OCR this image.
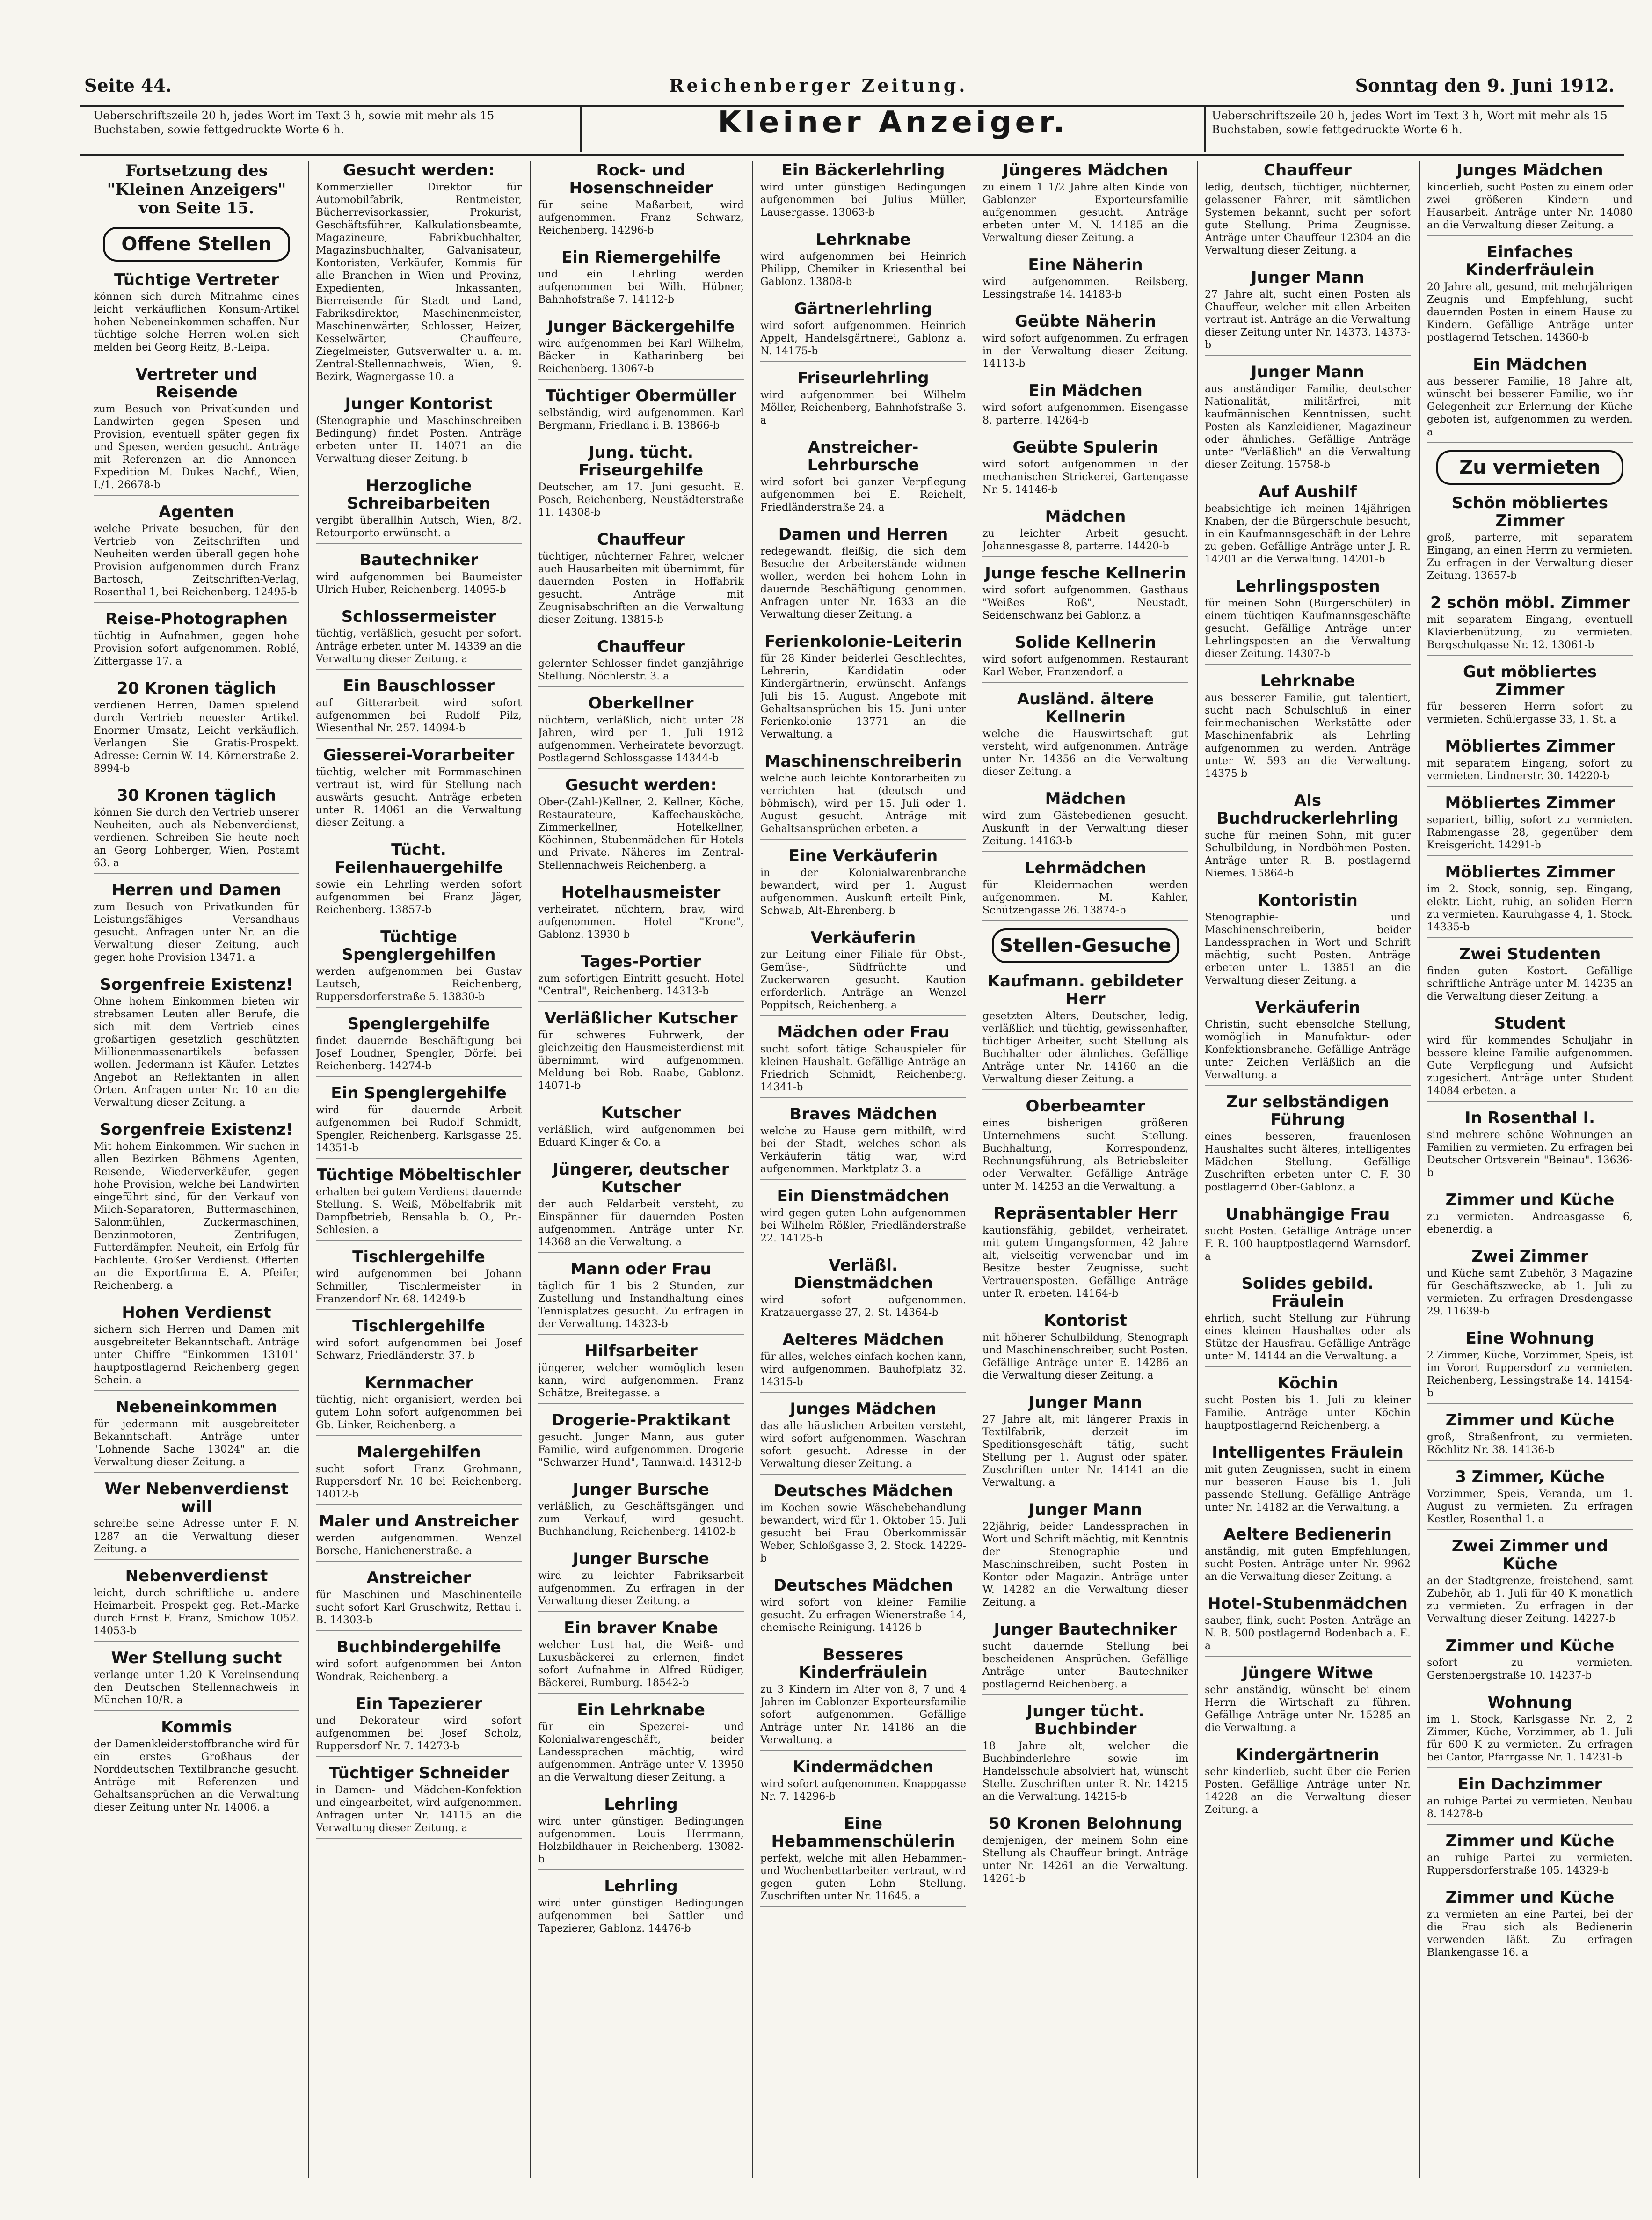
Seite 44.	Reichenberger Zeitung.	Sonntag den 9. Juni 1912.
Ueberschriftszeile 20 h, jedes Wort im Text 3 h, sowie mit mehr als 15 Buchstaben, sowie fettgedruckte Worte 6 h.	Kleiner Anzeiger.	Ueberschriftszeile 20 h, jedes Wort im Text 3 h, Wort mit mehr als 15 Buchstaben, sowie fettgedruckte Worte 6 h.
Fortsetzung des "Kleinen Anzeigers" von Seite 15.
Offene Stellen
Tüchtige Vertreter

können sich durch Mitnahme eines leicht verkäuflichen Konsum-Artikel hohen Nebeneinkommen schaffen. Nur tüchtige solche Herren wollen sich melden bei Georg Reitz, B.-Leipa.

Vertreter und Reisende

zum Besuch von Privatkunden und Landwirten gegen Spesen und Provision, eventuell später gegen fix und Spesen, werden gesucht. Anträge mit Referenzen an die Annoncen-Expedition M. Dukes Nachf., Wien, I./1. 26678-b

Agenten

welche Private besuchen, für den Vertrieb von Zeitschriften und Neuheiten werden überall gegen hohe Provision aufgenommen durch Franz Bartosch, Zeitschriften-Verlag, Rosenthal 1, bei Reichenberg. 12495-b

Reise-Photographen

tüchtig in Aufnahmen, gegen hohe Provision sofort aufgenommen. Roblé, Zittergasse 17. a

20 Kronen täglich

verdienen Herren, Damen spielend durch Vertrieb neuester Artikel. Enormer Umsatz, Leicht verkäuflich. Verlangen Sie Gratis-Prospekt. Adresse: Cernin W. 14, Körnerstraße 2. 8994-b

30 Kronen täglich

können Sie durch den Vertrieb unserer Neuheiten, auch als Nebenverdienst, verdienen. Schreiben Sie heute noch an Georg Lohberger, Wien, Postamt 63. a

Herren und Damen

zum Besuch von Privatkunden für Leistungsfähiges Versandhaus gesucht. Anfragen unter Nr. an die Verwaltung dieser Zeitung, auch gegen hohe Provision 13471. a

Sorgenfreie Existenz!

Ohne hohem Einkommen bieten wir strebsamen Leuten aller Berufe, die sich mit dem Vertrieb eines großartigen gesetzlich geschützten Millionenmassenartikels befassen wollen. Jedermann ist Käufer. Letztes Angebot an Reflektanten in allen Orten. Anfragen unter Nr. 10 an die Verwaltung dieser Zeitung. a

Sorgenfreie Existenz!

Mit hohem Einkommen. Wir suchen in allen Bezirken Böhmens Agenten, Reisende, Wiederverkäufer, gegen hohe Provision, welche bei Landwirten eingeführt sind, für den Verkauf von Milch-Separatoren, Buttermaschinen, Salonmühlen, Zuckermaschinen, Benzinmotoren, Zentrifugen, Futterdämpfer. Neuheit, ein Erfolg für Fachleute. Großer Verdienst. Offerten an die Exportfirma E. A. Pfeifer, Reichenberg. a

Hohen Verdienst

sichern sich Herren und Damen mit ausgebreiteter Bekanntschaft. Anträge unter Chiffre "Einkommen 13101" hauptpostlagernd Reichenberg gegen Schein. a

Nebeneinkommen

für jedermann mit ausgebreiteter Bekanntschaft. Anträge unter "Lohnende Sache 13024" an die Verwaltung dieser Zeitung. a

Wer Nebenverdienst will

schreibe seine Adresse unter F. N. 1287 an die Verwaltung dieser Zeitung. a

Nebenverdienst

leicht, durch schriftliche u. andere Heimarbeit. Prospekt geg. Ret.-Marke durch Ernst F. Franz, Smichow 1052. 14053-b

Wer Stellung sucht

verlange unter 1.20 K Voreinsendung den Deutschen Stellennachweis in München 10/R. a

Kommis

der Damenkleiderstoffbranche wird für ein erstes Großhaus der Norddeutschen Textilbranche gesucht. Anträge mit Referenzen und Gehaltsansprüchen an die Verwaltung dieser Zeitung unter Nr. 14006. a

Gesucht werden:

Kommerzieller Direktor für Automobilfabrik, Rentmeister, Bücherrevisorkassier, Prokurist, Geschäftsführer, Kalkulationsbeamte, Magazineure, Fabrikbuchhalter, Magazinsbuchhalter, Galvanisateur, Kontoristen, Verkäufer, Kommis für alle Branchen in Wien und Provinz, Expedienten, Inkassanten, Bierreisende für Stadt und Land, Fabriksdirektor, Maschinenmeister, Maschinenwärter, Schlosser, Heizer, Kesselwärter, Chauffeure, Ziegelmeister, Gutsverwalter u. a. m. Zentral-Stellennachweis, Wien, 9. Bezirk, Wagnergasse 10. a

Junger Kontorist

(Stenographie und Maschinschreiben Bedingung) findet Posten. Anträge erbeten unter H. 14071 an die Verwaltung dieser Zeitung. b

Herzogliche Schreibarbeiten

vergibt überallhin Autsch, Wien, 8/2. Retourporto erwünscht. a

Bautechniker

wird aufgenommen bei Baumeister Ulrich Huber, Reichenberg. 14095-b

Schlossermeister

tüchtig, verläßlich, gesucht per sofort. Anträge erbeten unter M. 14339 an die Verwaltung dieser Zeitung. a

Ein Bauschlosser

auf Gitterarbeit wird sofort aufgenommen bei Rudolf Pilz, Wiesenthal Nr. 257. 14094-b

Giesserei-Vorarbeiter

tüchtig, welcher mit Formmaschinen vertraut ist, wird für Stellung nach auswärts gesucht. Anträge erbeten unter R. 14061 an die Verwaltung dieser Zeitung. a

Tücht. Feilenhauergehilfe

sowie ein Lehrling werden sofort aufgenommen bei Franz Jäger, Reichenberg. 13857-b

Tüchtige Spenglergehilfen

werden aufgenommen bei Gustav Lautsch, Reichenberg, Ruppersdorferstraße 5. 13830-b

Spenglergehilfe

findet dauernde Beschäftigung bei Josef Loudner, Spengler, Dörfel bei Reichenberg. 14274-b

Ein Spenglergehilfe

wird für dauernde Arbeit aufgenommen bei Rudolf Schmidt, Spengler, Reichenberg, Karlsgasse 25. 14351-b

Tüchtige Möbeltischler

erhalten bei gutem Verdienst dauernde Stellung. S. Weiß, Möbelfabrik mit Dampfbetrieb, Rensahla b. O., Pr.-Schlesien. a

Tischlergehilfe

wird aufgenommen bei Johann Schmiller, Tischlermeister in Franzendorf Nr. 68. 14249-b

Tischlergehilfe

wird sofort aufgenommen bei Josef Schwarz, Friedländerstr. 37. b

Kernmacher

tüchtig, nicht organisiert, werden bei gutem Lohn sofort aufgenommen bei Gb. Linker, Reichenberg. a

Malergehilfen

sucht sofort Franz Grohmann, Ruppersdorf Nr. 10 bei Reichenberg. 14012-b

Maler und Anstreicher

werden aufgenommen. Wenzel Borsche, Hanichenerstraße. a

Anstreicher

für Maschinen und Maschinenteile sucht sofort Karl Gruschwitz, Rettau i. B. 14303-b

Buchbindergehilfe

wird sofort aufgenommen bei Anton Wondrak, Reichenberg. a

Ein Tapezierer

und Dekorateur wird sofort aufgenommen bei Josef Scholz, Ruppersdorf Nr. 7. 14273-b

Tüchtiger Schneider

in Damen- und Mädchen-Konfektion und eingearbeitet, wird aufgenommen. Anfragen unter Nr. 14115 an die Verwaltung dieser Zeitung. a

Rock- und Hosenschneider

für seine Maßarbeit, wird aufgenommen. Franz Schwarz, Reichenberg. 14296-b

Ein Riemergehilfe

und ein Lehrling werden aufgenommen bei Wilh. Hübner, Bahnhofstraße 7. 14112-b

Junger Bäckergehilfe

wird aufgenommen bei Karl Wilhelm, Bäcker in Katharinberg bei Reichenberg. 13067-b

Tüchtiger Obermüller

selbständig, wird aufgenommen. Karl Bergmann, Friedland i. B. 13866-b

Jung. tücht. Friseurgehilfe

Deutscher, am 17. Juni gesucht. E. Posch, Reichenberg, Neustädterstraße 11. 14308-b

Chauffeur

tüchtiger, nüchterner Fahrer, welcher auch Hausarbeiten mit übernimmt, für dauernden Posten in Hoffabrik gesucht. Anträge mit Zeugnisabschriften an die Verwaltung dieser Zeitung. 13815-b

Chauffeur

gelernter Schlosser findet ganzjährige Stellung. Nöchlerstr. 3. a

Oberkellner

nüchtern, verläßlich, nicht unter 28 Jahren, wird per 1. Juli 1912 aufgenommen. Verheiratete bevorzugt. Postlagernd Schlossgasse 14344-b

Gesucht werden:

Ober-(Zahl-)Kellner, 2. Kellner, Köche, Restaurateure, Kaffeehausköche, Zimmerkellner, Hotelkellner, Köchinnen, Stubenmädchen für Hotels und Private. Näheres im Zentral-Stellennachweis Reichenberg. a

Hotelhausmeister

verheiratet, nüchtern, brav, wird aufgenommen. Hotel "Krone", Gablonz. 13930-b

Tages-Portier

zum sofortigen Eintritt gesucht. Hotel "Central", Reichenberg. 14313-b

Verläßlicher Kutscher

für schweres Fuhrwerk, der gleichzeitig den Hausmeisterdienst mit übernimmt, wird aufgenommen. Meldung bei Rob. Raabe, Gablonz. 14071-b

Kutscher

verläßlich, wird aufgenommen bei Eduard Klinger & Co. a

Jüngerer, deutscher Kutscher

der auch Feldarbeit versteht, zu Einspänner für dauernden Posten aufgenommen. Anträge unter Nr. 14368 an die Verwaltung. a

Mann oder Frau

täglich für 1 bis 2 Stunden, zur Zustellung und Instandhaltung eines Tennisplatzes gesucht. Zu erfragen in der Verwaltung. 14323-b

Hilfsarbeiter

jüngerer, welcher womöglich lesen kann, wird aufgenommen. Franz Schätze, Breitegasse. a

Drogerie-Praktikant

gesucht. Junger Mann, aus guter Familie, wird aufgenommen. Drogerie "Schwarzer Hund", Tannwald. 14312-b

Junger Bursche

verläßlich, zu Geschäftsgängen und zum Verkauf, wird gesucht. Buchhandlung, Reichenberg. 14102-b

Junger Bursche

wird zu leichter Fabriksarbeit aufgenommen. Zu erfragen in der Verwaltung dieser Zeitung. a

Ein braver Knabe

welcher Lust hat, die Weiß- und Luxusbäckerei zu erlernen, findet sofort Aufnahme in Alfred Rüdiger, Bäckerei, Rumburg. 18542-b

Ein Lehrknabe

für ein Spezerei- und Kolonialwarengeschäft, beider Landessprachen mächtig, wird aufgenommen. Anträge unter V. 13950 an die Verwaltung dieser Zeitung. a

Lehrling

wird unter günstigen Bedingungen aufgenommen. Louis Herrmann, Holzbildhauer in Reichenberg. 13082-b

Lehrling

wird unter günstigen Bedingungen aufgenommen bei Sattler und Tapezierer, Gablonz. 14476-b

Ein Bäckerlehrling

wird unter günstigen Bedingungen aufgenommen bei Julius Müller, Lausergasse. 13063-b

Lehrknabe

wird aufgenommen bei Heinrich Philipp, Chemiker in Kriesenthal bei Gablonz. 13808-b

Gärtnerlehrling

wird sofort aufgenommen. Heinrich Appelt, Handelsgärtnerei, Gablonz a. N. 14175-b

Friseurlehrling

wird aufgenommen bei Wilhelm Möller, Reichenberg, Bahnhofstraße 3. a

Anstreicher-Lehrbursche

wird sofort bei ganzer Verpflegung aufgenommen bei E. Reichelt, Friedländerstraße 24. a

Damen und Herren

redegewandt, fleißig, die sich dem Besuche der Arbeiterstände widmen wollen, werden bei hohem Lohn in dauernde Beschäftigung genommen. Anfragen unter Nr. 1633 an die Verwaltung dieser Zeitung. a

Ferienkolonie-Leiterin

für 28 Kinder beiderlei Geschlechtes, Lehrerin, Kandidatin oder Kindergärtnerin, erwünscht. Anfangs Juli bis 15. August. Angebote mit Gehaltsansprüchen bis 15. Juni unter Ferienkolonie 13771 an die Verwaltung. a

Maschinenschreiberin

welche auch leichte Kontorarbeiten zu verrichten hat (deutsch und böhmisch), wird per 15. Juli oder 1. August gesucht. Anträge mit Gehaltsansprüchen erbeten. a

Eine Verkäuferin

in der Kolonialwarenbranche bewandert, wird per 1. August aufgenommen. Auskunft erteilt Pink, Schwab, Alt-Ehrenberg. b

Verkäuferin

zur Leitung einer Filiale für Obst-, Gemüse-, Südfrüchte und Zuckerwaren gesucht. Kaution erforderlich. Anträge an Wenzel Poppitsch, Reichenberg. a

Mädchen oder Frau

sucht sofort tätige Schauspieler für kleinen Haushalt. Gefällige Anträge an Friedrich Schmidt, Reichenberg. 14341-b

Braves Mädchen

welche zu Hause gern mithilft, wird bei der Stadt, welches schon als Verkäuferin tätig war, wird aufgenommen. Marktplatz 3. a

Ein Dienstmädchen

wird gegen guten Lohn aufgenommen bei Wilhelm Rößler, Friedländerstraße 22. 14125-b

Verläßl. Dienstmädchen

wird sofort aufgenommen. Kratzauergasse 27, 2. St. 14364-b

Aelteres Mädchen

für alles, welches einfach kochen kann, wird aufgenommen. Bauhofplatz 32. 14315-b

Junges Mädchen

das alle häuslichen Arbeiten versteht, wird sofort aufgenommen. Waschran sofort gesucht. Adresse in der Verwaltung dieser Zeitung. a

Deutsches Mädchen

im Kochen sowie Wäschebehandlung bewandert, wird für 1. Oktober 15. Juli gesucht bei Frau Oberkommissär Weber, Schloßgasse 3, 2. Stock. 14229-b

Deutsches Mädchen

wird sofort von kleiner Familie gesucht. Zu erfragen Wienerstraße 14, chemische Reinigung. 14126-b

Besseres Kinderfräulein

zu 3 Kindern im Alter von 8, 7 und 4 Jahren im Gablonzer Exporteursfamilie sofort aufgenommen. Gefällige Anträge unter Nr. 14186 an die Verwaltung. a

Kindermädchen

wird sofort aufgenommen. Knappgasse Nr. 7. 14296-b

Eine Hebammenschülerin

perfekt, welche mit allen Hebammen- und Wochenbettarbeiten vertraut, wird gegen guten Lohn Stellung. Zuschriften unter Nr. 11645. a

Jüngeres Mädchen

zu einem 1 1/2 Jahre alten Kinde von Gablonzer Exporteursfamilie aufgenommen gesucht. Anträge erbeten unter M. N. 14185 an die Verwaltung dieser Zeitung. a

Eine Näherin

wird aufgenommen. Reilsberg, Lessingstraße 14. 14183-b

Geübte Näherin

wird sofort aufgenommen. Zu erfragen in der Verwaltung dieser Zeitung. 14113-b

Ein Mädchen

wird sofort aufgenommen. Eisengasse 8, parterre. 14264-b

Geübte Spulerin

wird sofort aufgenommen in der mechanischen Strickerei, Gartengasse Nr. 5. 14146-b

Mädchen

zu leichter Arbeit gesucht. Johannesgasse 8, parterre. 14420-b

Junge fesche Kellnerin

wird sofort aufgenommen. Gasthaus "Weißes Roß", Neustadt, Seidenschwanz bei Gablonz. a

Solide Kellnerin

wird sofort aufgenommen. Restaurant Karl Weber, Franzendorf. a

Ausländ. ältere Kellnerin

welche die Hauswirtschaft gut versteht, wird aufgenommen. Anträge unter Nr. 14356 an die Verwaltung dieser Zeitung. a

Mädchen

wird zum Gästebedienen gesucht. Auskunft in der Verwaltung dieser Zeitung. 14163-b

Lehrmädchen

für Kleidermachen werden aufgenommen. M. Kahler, Schützengasse 26. 13874-b

Stellen-Gesuche
Kaufmann. gebildeter Herr

gesetzten Alters, Deutscher, ledig, verläßlich und tüchtig, gewissenhafter, tüchtiger Arbeiter, sucht Stellung als Buchhalter oder ähnliches. Gefällige Anträge unter Nr. 14160 an die Verwaltung dieser Zeitung. a

Oberbeamter

eines bisherigen größeren Unternehmens sucht Stellung. Buchhaltung, Korrespondenz, Rechnungsführung, als Betriebsleiter oder Verwalter. Gefällige Anträge unter M. 14253 an die Verwaltung. a

Repräsentabler Herr

kautionsfähig, gebildet, verheiratet, mit gutem Umgangsformen, 42 Jahre alt, vielseitig verwendbar und im Besitze bester Zeugnisse, sucht Vertrauensposten. Gefällige Anträge unter R. erbeten. 14164-b

Kontorist

mit höherer Schulbildung, Stenograph und Maschinenschreiber, sucht Posten. Gefällige Anträge unter E. 14286 an die Verwaltung dieser Zeitung. a

Junger Mann

27 Jahre alt, mit längerer Praxis in Textilfabrik, derzeit im Speditionsgeschäft tätig, sucht Stellung per 1. August oder später. Zuschriften unter Nr. 14141 an die Verwaltung. a

Junger Mann

22jährig, beider Landessprachen in Wort und Schrift mächtig, mit Kenntnis der Stenographie und Maschinschreiben, sucht Posten in Kontor oder Magazin. Anträge unter W. 14282 an die Verwaltung dieser Zeitung. a

Junger Bautechniker

sucht dauernde Stellung bei bescheidenen Ansprüchen. Gefällige Anträge unter Bautechniker postlagernd Reichenberg. a

Junger tücht. Buchbinder

18 Jahre alt, welcher die Buchbinderlehre sowie im Handelsschule absolviert hat, wünscht Stelle. Zuschriften unter R. Nr. 14215 an die Verwaltung. 14215-b

50 Kronen Belohnung

demjenigen, der meinem Sohn eine Stellung als Chauffeur bringt. Anträge unter Nr. 14261 an die Verwaltung. 14261-b

Chauffeur

ledig, deutsch, tüchtiger, nüchterner, gelassener Fahrer, mit sämtlichen Systemen bekannt, sucht per sofort gute Stellung. Prima Zeugnisse. Anträge unter Chauffeur 12304 an die Verwaltung dieser Zeitung. a

Junger Mann

27 Jahre alt, sucht einen Posten als Chauffeur, welcher mit allen Arbeiten vertraut ist. Anträge an die Verwaltung dieser Zeitung unter Nr. 14373. 14373-b

Junger Mann

aus anständiger Familie, deutscher Nationalität, militärfrei, mit kaufmännischen Kenntnissen, sucht Posten als Kanzleidiener, Magazineur oder ähnliches. Gefällige Anträge unter "Verläßlich" an die Verwaltung dieser Zeitung. 15758-b

Auf Aushilf

beabsichtige ich meinen 14jährigen Knaben, der die Bürgerschule besucht, in ein Kaufmannsgeschäft in der Lehre zu geben. Gefällige Anträge unter J. R. 14201 an die Verwaltung. 14201-b

Lehrlingsposten

für meinen Sohn (Bürgerschüler) in einem tüchtigen Kaufmannsgeschäfte gesucht. Gefällige Anträge unter Lehrlingsposten an die Verwaltung dieser Zeitung. 14307-b

Lehrknabe

aus besserer Familie, gut talentiert, sucht nach Schulschluß in einer feinmechanischen Werkstätte oder Maschinenfabrik als Lehrling aufgenommen zu werden. Anträge unter W. 593 an die Verwaltung. 14375-b

Als Buchdruckerlehrling

suche für meinen Sohn, mit guter Schulbildung, in Nordböhmen Posten. Anträge unter R. B. postlagernd Niemes. 15864-b

Kontoristin

Stenographie- und Maschinenschreiberin, beider Landessprachen in Wort und Schrift mächtig, sucht Posten. Anträge erbeten unter L. 13851 an die Verwaltung dieser Zeitung. a

Verkäuferin

Christin, sucht ebensolche Stellung, womöglich in Manufaktur- oder Konfektionsbranche. Gefällige Anträge unter Zeichen Verläßlich an die Verwaltung. a

Zur selbständigen Führung

eines besseren, frauenlosen Haushaltes sucht älteres, intelligentes Mädchen Stellung. Gefällige Zuschriften erbeten unter C. F. 30 postlagernd Ober-Gablonz. a

Unabhängige Frau

sucht Posten. Gefällige Anträge unter F. R. 100 hauptpostlagernd Warnsdorf. a

Solides gebild. Fräulein

ehrlich, sucht Stellung zur Führung eines kleinen Haushaltes oder als Stütze der Hausfrau. Gefällige Anträge unter M. 14144 an die Verwaltung. a

Köchin

sucht Posten bis 1. Juli zu kleiner Familie. Anträge unter Köchin hauptpostlagernd Reichenberg. a

Intelligentes Fräulein

mit guten Zeugnissen, sucht in einem nur besseren Hause bis 1. Juli passende Stellung. Gefällige Anträge unter Nr. 14182 an die Verwaltung. a

Aeltere Bedienerin

anständig, mit guten Empfehlungen, sucht Posten. Anträge unter Nr. 9962 an die Verwaltung dieser Zeitung. a

Hotel-Stubenmädchen

sauber, flink, sucht Posten. Anträge an N. B. 500 postlagernd Bodenbach a. E. a

Jüngere Witwe

sehr anständig, wünscht bei einem Herrn die Wirtschaft zu führen. Gefällige Anträge unter Nr. 15285 an die Verwaltung. a

Kindergärtnerin

sehr kinderlieb, sucht über die Ferien Posten. Gefällige Anträge unter Nr. 14228 an die Verwaltung dieser Zeitung. a

Junges Mädchen

kinderlieb, sucht Posten zu einem oder zwei größeren Kindern und Hausarbeit. Anträge unter Nr. 14080 an die Verwaltung dieser Zeitung. a

Einfaches Kinderfräulein

20 Jahre alt, gesund, mit mehrjährigen Zeugnis und Empfehlung, sucht dauernden Posten in einem Hause zu Kindern. Gefällige Anträge unter postlagernd Tetschen. 14360-b

Ein Mädchen

aus besserer Familie, 18 Jahre alt, wünscht bei besserer Familie, wo ihr Gelegenheit zur Erlernung der Küche geboten ist, aufgenommen zu werden. a

Zu vermieten
Schön möbliertes Zimmer

groß, parterre, mit separatem Eingang, an einen Herrn zu vermieten. Zu erfragen in der Verwaltung dieser Zeitung. 13657-b

2 schön möbl. Zimmer

mit separatem Eingang, eventuell Klavierbenützung, zu vermieten. Bergschulgasse Nr. 12. 13061-b

Gut möbliertes Zimmer

für besseren Herrn sofort zu vermieten. Schülergasse 33, 1. St. a

Möbliertes Zimmer

mit separatem Eingang, sofort zu vermieten. Lindnerstr. 30. 14220-b

Möbliertes Zimmer

separiert, billig, sofort zu vermieten. Rabmengasse 28, gegenüber dem Kreisgericht. 14291-b

Möbliertes Zimmer

im 2. Stock, sonnig, sep. Eingang, elektr. Licht, ruhig, an soliden Herrn zu vermieten. Kauruhgasse 4, 1. Stock. 14335-b

Zwei Studenten

finden guten Kostort. Gefällige schriftliche Anträge unter M. 14235 an die Verwaltung dieser Zeitung. a

Student

wird für kommendes Schuljahr in bessere kleine Familie aufgenommen. Gute Verpflegung und Aufsicht zugesichert. Anträge unter Student 14084 erbeten. a

In Rosenthal I.

sind mehrere schöne Wohnungen an Familien zu vermieten. Zu erfragen bei Deutscher Ortsverein "Beinau". 13636-b

Zimmer und Küche

zu vermieten. Andreasgasse 6, ebenerdig. a

Zwei Zimmer

und Küche samt Zubehör, 3 Magazine für Geschäftszwecke, ab 1. Juli zu vermieten. Zu erfragen Dresdengasse 29. 11639-b

Eine Wohnung

2 Zimmer, Küche, Vorzimmer, Speis, ist im Vorort Ruppersdorf zu vermieten. Reichenberg, Lessingstraße 14. 14154-b

Zimmer und Küche

groß, Straßenfront, zu vermieten. Röchlitz Nr. 38. 14136-b

3 Zimmer, Küche

Vorzimmer, Speis, Veranda, um 1. August zu vermieten. Zu erfragen Kestler, Rosenthal 1. a

Zwei Zimmer und Küche

an der Stadtgrenze, freistehend, samt Zubehör, ab 1. Juli für 40 K monatlich zu vermieten. Zu erfragen in der Verwaltung dieser Zeitung. 14227-b

Zimmer und Küche

sofort zu vermieten. Gerstenbergstraße 10. 14237-b

Wohnung

im 1. Stock, Karlsgasse Nr. 2, 2 Zimmer, Küche, Vorzimmer, ab 1. Juli für 600 K zu vermieten. Zu erfragen bei Cantor, Pfarrgasse Nr. 1. 14231-b

Ein Dachzimmer

an ruhige Partei zu vermieten. Neubau 8. 14278-b

Zimmer und Küche

an ruhige Partei zu vermieten. Ruppersdorferstraße 105. 14329-b

Zimmer und Küche

zu vermieten an eine Partei, bei der die Frau sich als Bedienerin verwenden läßt. Zu erfragen Blankengasse 16. a
